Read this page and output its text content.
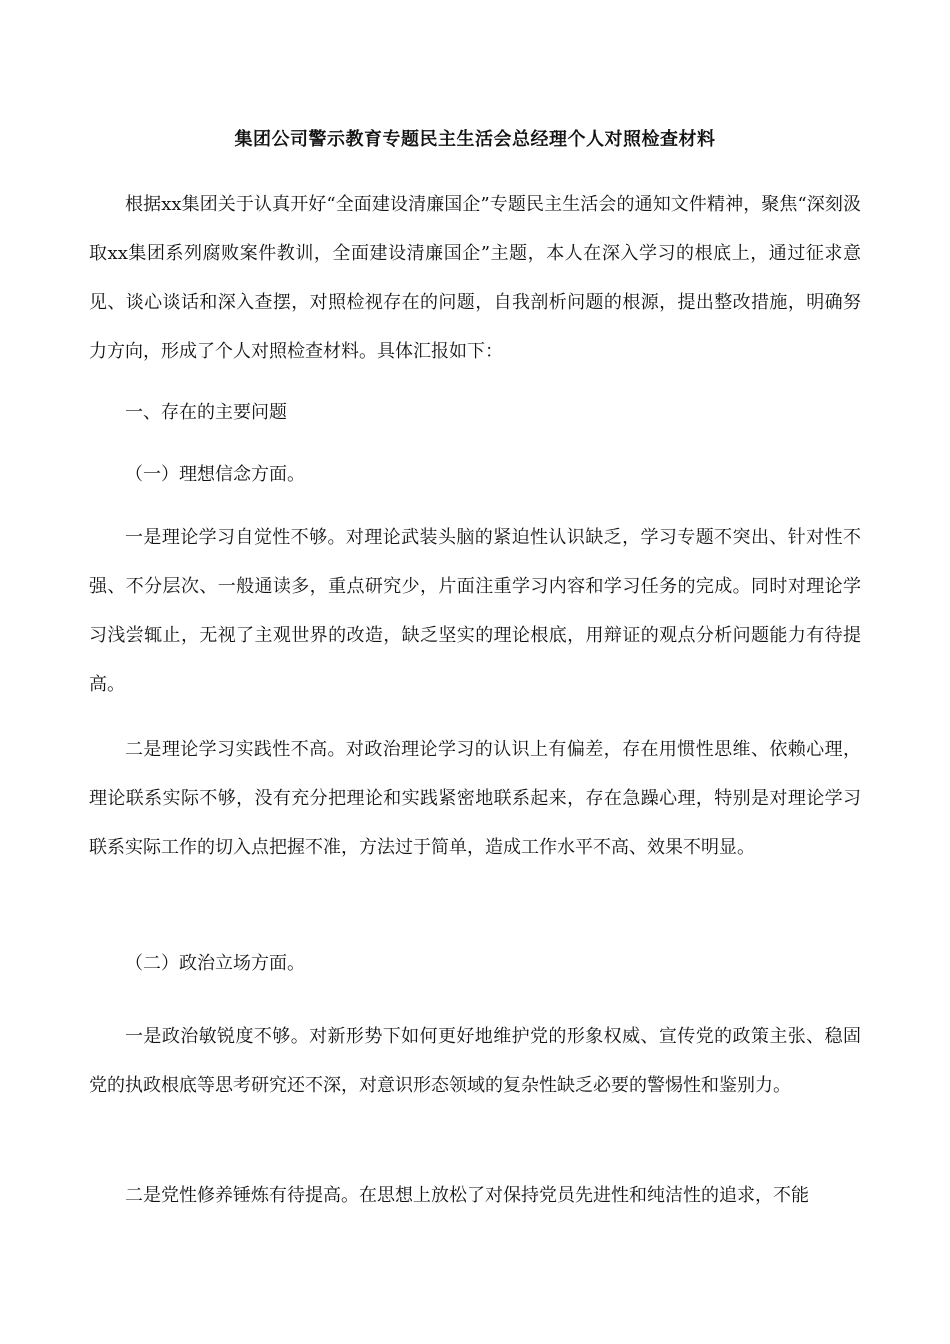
集团公司警示教育专题民主生活会总经理个人对照检查材料

根据xx集团关于认真开好“全面建设清廉国企”专题民主生活会的通知文件精神，聚焦“深刻汲取xx集团系列腐败案件教训，全面建设清廉国企”主题，本人在深入学习的根底上，通过征求意见、谈心谈话和深入查摆，对照检视存在的问题，自我剖析问题的根源，提出整改措施，明确努力方向，形成了个人对照检查材料。具体汇报如下：

一、存在的主要问题
（一）理想信念方面。

一是理论学习自觉性不够。对理论武装头脑的紧迫性认识缺乏，学习专题不突出、针对性不强、不分层次、一般通读多，重点研究少，片面注重学习内容和学习任务的完成。同时对理论学习浅尝辄止，无视了主观世界的改造，缺乏坚实的理论根底，用辩证的观点分析问题能力有待提高。

二是理论学习实践性不高。对政治理论学习的认识上有偏差，存在用惯性思维、依赖心理，理论联系实际不够，没有充分把理论和实践紧密地联系起来，存在急躁心理，特别是对理论学习联系实际工作的切入点把握不准，方法过于简单，造成工作水平不高、效果不明显。

（二）政治立场方面。

一是政治敏锐度不够。对新形势下如何更好地维护党的形象权威、宣传党的政策主张、稳固党的执政根底等思考研究还不深，对意识形态领域的复杂性缺乏必要的警惕性和鉴别力。

二是党性修养锤炼有待提高。在思想上放松了对保持党员先进性和纯洁性的追求，不能
